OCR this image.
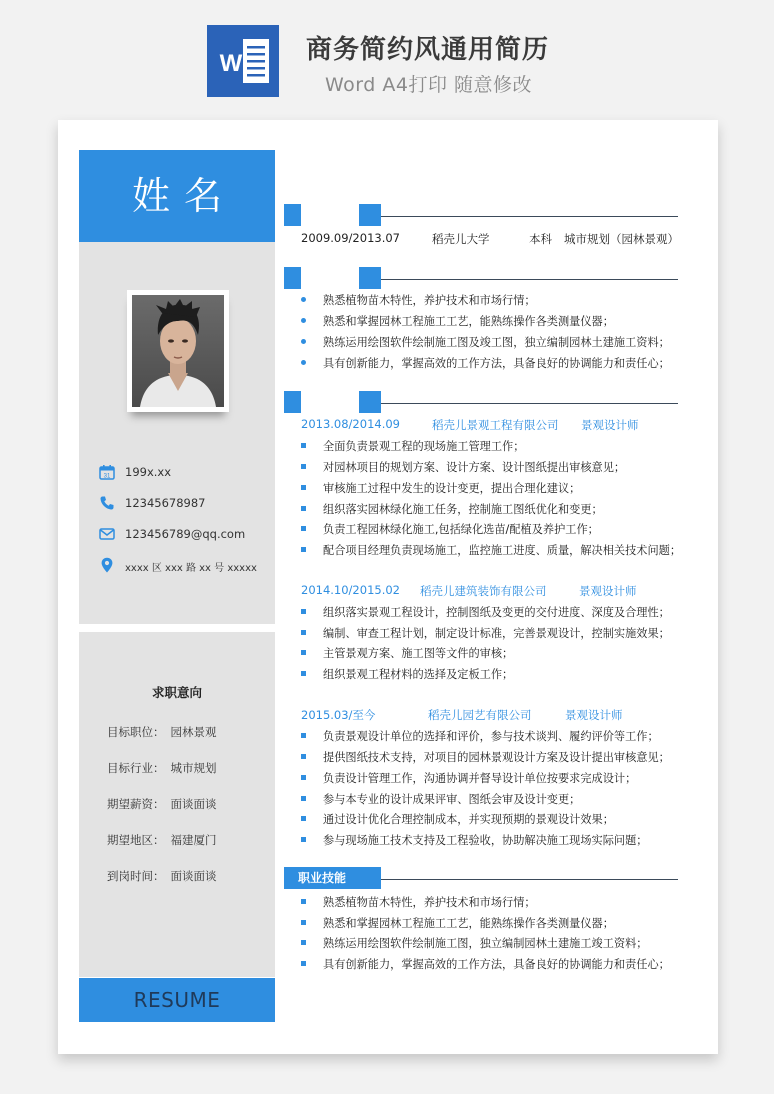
W 商务简约风通用简历
Word A4打印 随意修改
姓名
31 199x.xx
12345678987
123456789@qq.com
xxxx 区 xxx 路 xx 号 xxxxx
求职意向
目标职位： 园林景观
目标行业： 城市规划
期望薪资： 面谈面谈
期望地区： 福建厦门
到岗时间： 面谈面谈
RESUME
2009.09/2013.07	稻壳儿大学	本科 城市规划（园林景观）
熟悉植物苗木特性，养护技术和市场行情；
熟悉和掌握园林工程施工工艺，能熟练操作各类测量仪器；
熟练运用绘图软件绘制施工图及竣工图，独立编制园林土建施工资料；
具有创新能力，掌握高效的工作方法，具备良好的协调能力和责任心；
2013.08/2014.09	稻壳儿景观工程有限公司 景观设计师
全面负责景观工程的现场施工管理工作；
对园林项目的规划方案、设计方案、设计图纸提出审核意见；
审核施工过程中发生的设计变更，提出合理化建议；
组织落实园林绿化施工任务，控制施工图纸优化和变更；
负责工程园林绿化施工,包括绿化选苗/配植及养护工作；
配合项目经理负责现场施工，监控施工进度、质量，解决相关技术问题；
2014.10/2015.02 稻壳儿建筑装饰有限公司	景观设计师
组织落实景观工程设计，控制图纸及变更的交付进度、深度及合理性；
编制、审查工程计划，制定设计标准，完善景观设计，控制实施效果；
主管景观方案、施工图等文件的审核；
组织景观工程材料的选择及定板工作；
2015.03/至今	稻壳儿园艺有限公司	景观设计师
负责景观设计单位的选择和评价，参与技术谈判、履约评价等工作；
提供图纸技术支持，对项目的园林景观设计方案及设计提出审核意见；
负责设计管理工作，沟通协调并督导设计单位按要求完成设计；
参与本专业的设计成果评审、图纸会审及设计变更；
通过设计优化合理控制成本，并实现预期的景观设计效果；
参与现场施工技术支持及工程验收，协助解决施工现场实际问题；
职业技能
熟悉植物苗木特性，养护技术和市场行情；
熟悉和掌握园林工程施工工艺，能熟练操作各类测量仪器；
熟练运用绘图软件绘制施工图，独立编制园林土建施工竣工资料；
具有创新能力，掌握高效的工作方法，具备良好的协调能力和责任心；
